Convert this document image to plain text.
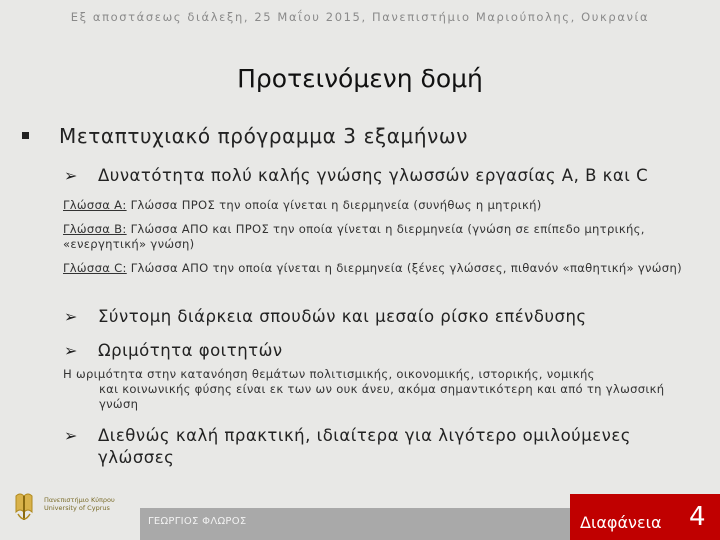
Εξ αποστάσεως διάλεξη, 25 Μαΐου 2015, Πανεπιστήμιο Μαριούπολης, Ουκρανία
Προτεινόμενη δομή
Μεταπτυχιακό πρόγραμμα 3 εξαμήνων
➢ Δυνατότητα πολύ καλής γνώσης γλωσσών εργασίας A, B και C
Γλώσσα Α: Γλώσσα ΠΡΟΣ την οποία γίνεται η διερμηνεία (συνήθως η μητρική)
Γλώσσα Β: Γλώσσα ΑΠΟ και ΠΡΟΣ την οποία γίνεται η διερμηνεία (γνώση σε επίπεδο μητρικής, «ενεργητική» γνώση)
Γλώσσα C: Γλώσσα ΑΠΟ την οποία γίνεται η διερμηνεία (ξένες γλώσσες, πιθανόν «παθητική» γνώση)
➢ Σύντομη διάρκεια σπουδών και μεσαίο ρίσκο επένδυσης
➢ Ωριμότητα φοιτητών
Η ωριμότητα στην κατανόηση θεμάτων πολιτισμικής, οικονομικής, ιστορικής, νομικής
και κοινωνικής φύσης είναι εκ των ων ουκ άνευ, ακόμα σημαντικότερη και από τη γλωσσική γνώση
➢ Διεθνώς καλή πρακτική, ιδιαίτερα για λιγότερο ομιλούμενες γλώσσες
Πανεπιστήμιο Κύπρου
University of Cyprus
ΓΕΩΡΓΙΟΣ ΦΛΩΡΟΣ	Διαφάνεια 4
